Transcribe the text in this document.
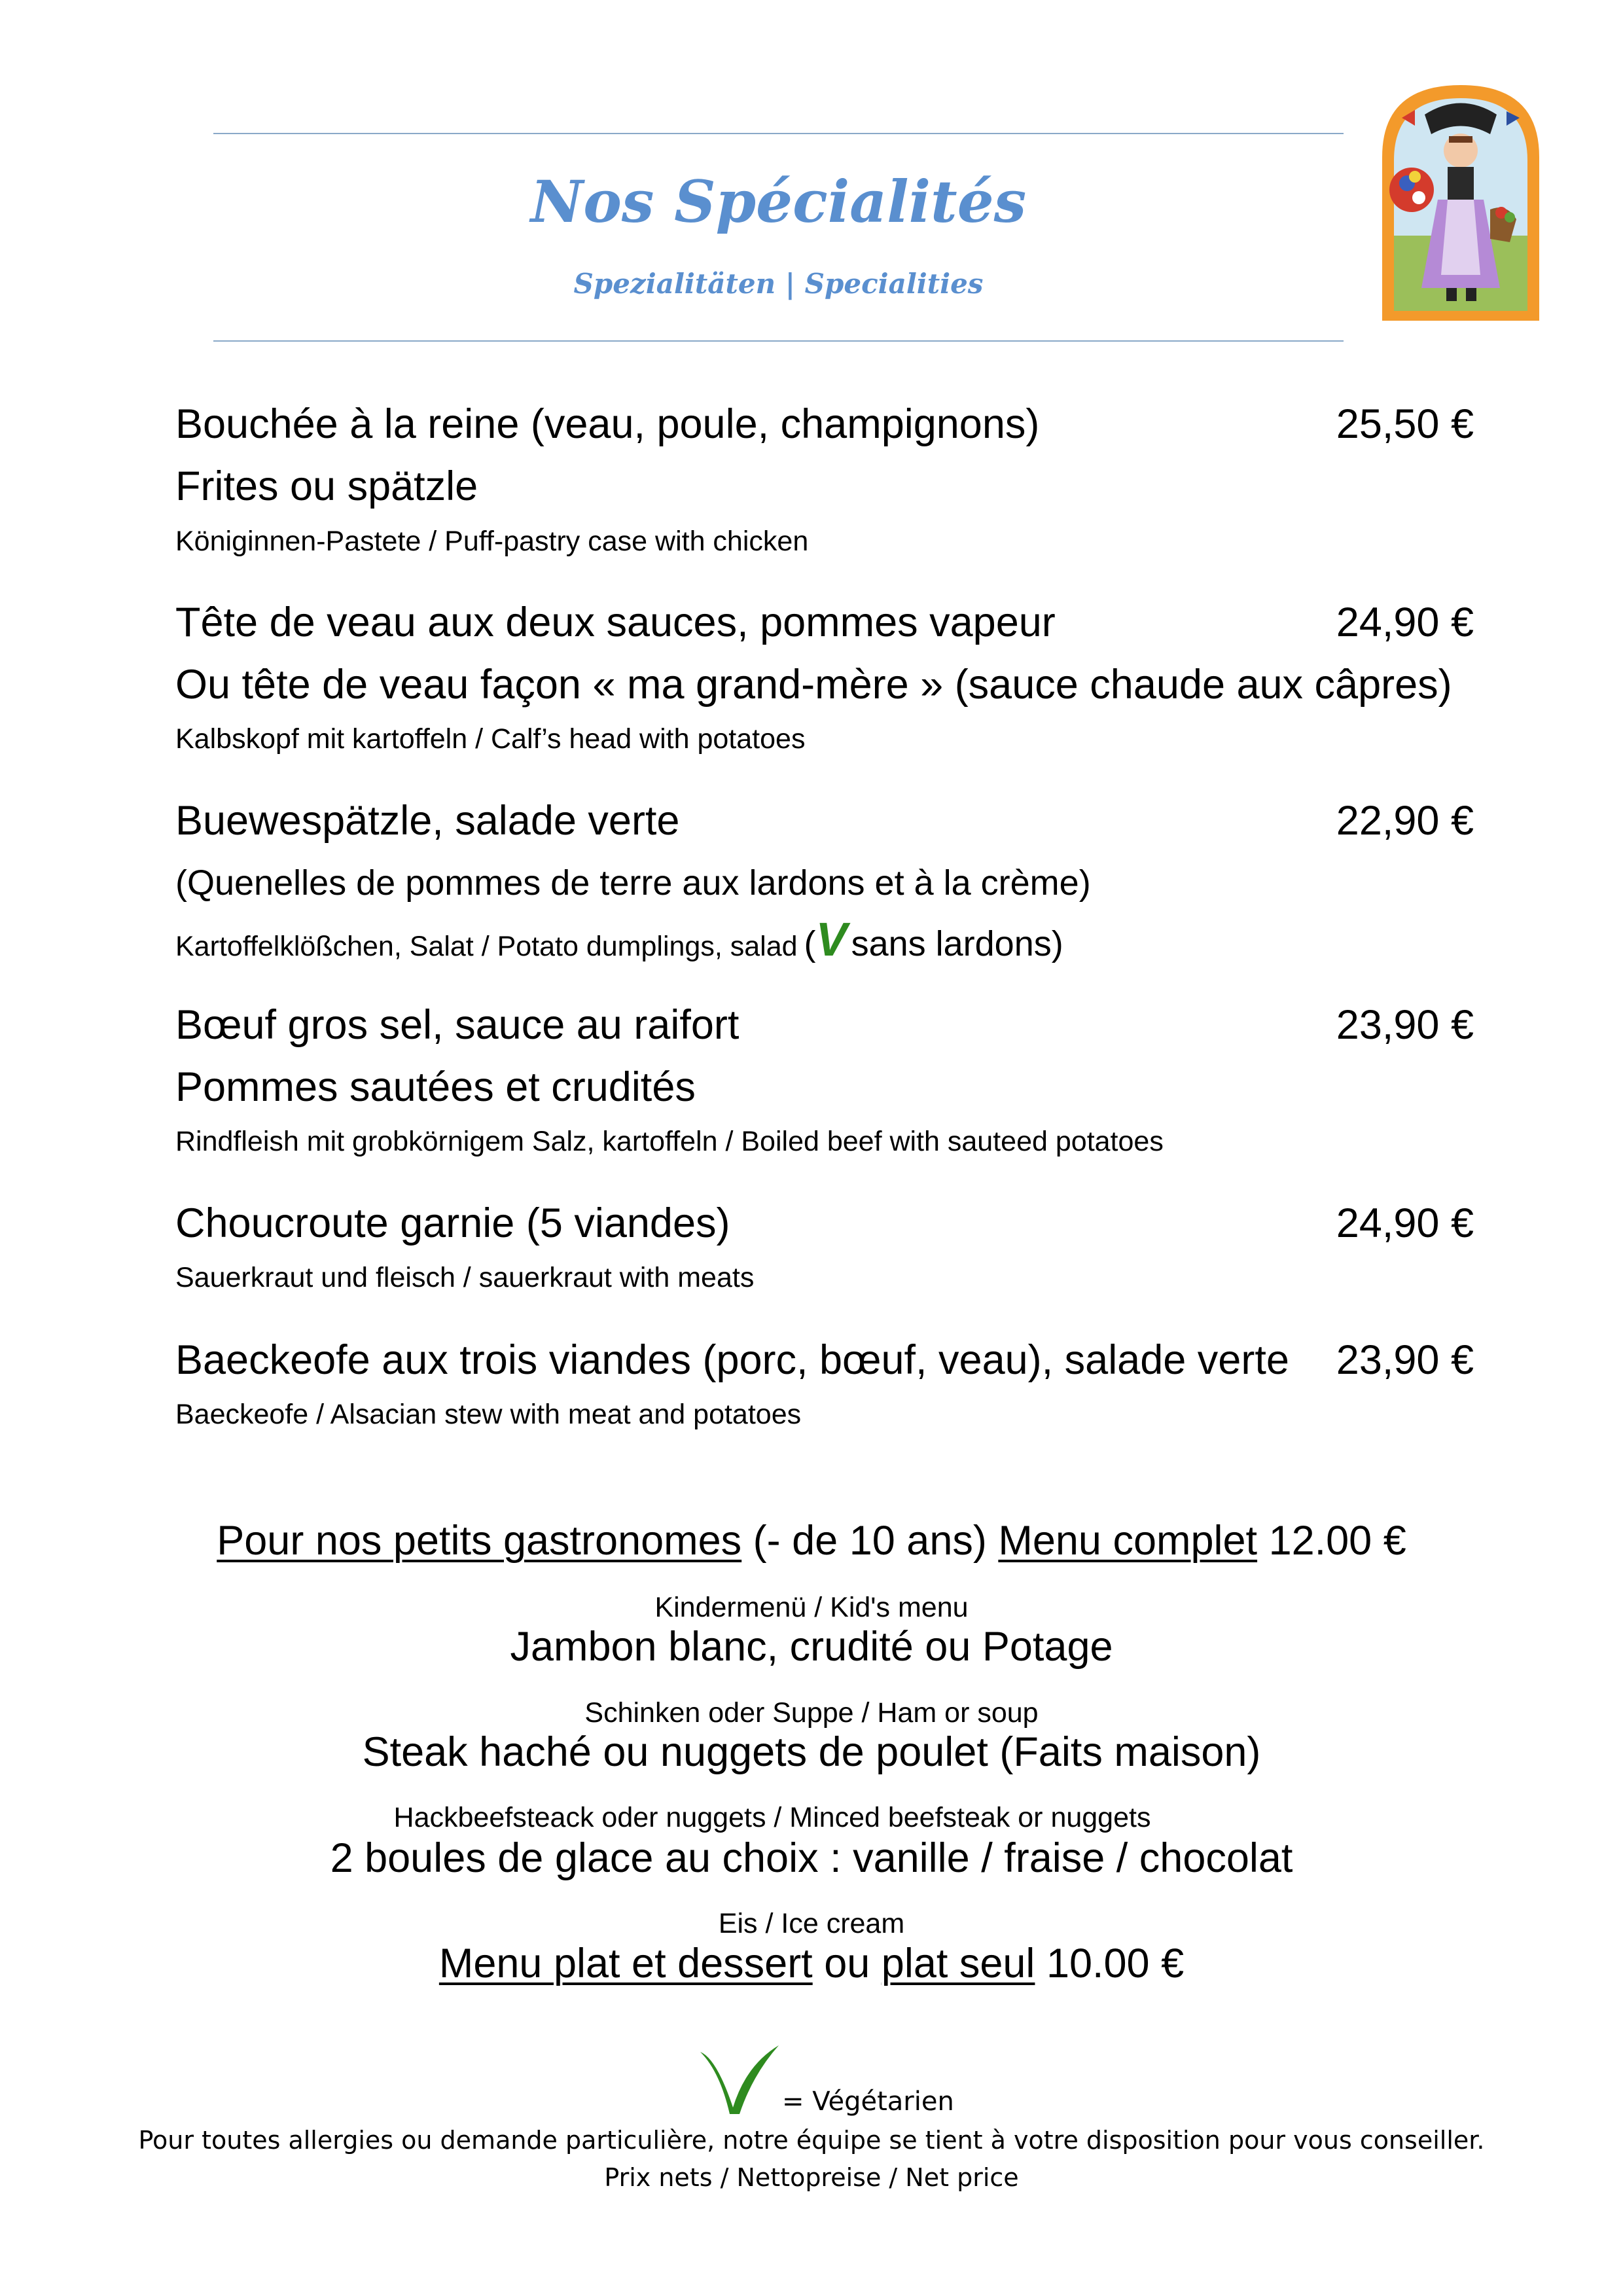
Nos Spécialités
Spezialitäten | Specialities
Bouchée à la reine (veau, poule, champignons)	25,50 €
Frites ou spätzle
Königinnen-Pastete / Puff-pastry case with chicken
Tête de veau aux deux sauces, pommes vapeur	24,90 €
Ou tête de veau façon « ma grand-mère » (sauce chaude aux câpres)
Kalbskopf mit kartoffeln / Calf’s head with potatoes
Buewespätzle, salade verte	22,90 €
(Quenelles de pommes de terre aux lardons et à la crème)
Kartoffelklößchen, Salat / Potato dumplings, salad ( V sans lardons)
Bœuf gros sel, sauce au raifort	23,90 €
Pommes sautées et crudités
Rindfleish mit grobkörnigem Salz, kartoffeln / Boiled beef with sauteed potatoes
Choucroute garnie (5 viandes)	24,90 €
Sauerkraut und fleisch / sauerkraut with meats
Baeckeofe aux trois viandes (porc, bœuf, veau), salade verte 23,90 €
Baeckeofe / Alsacian stew with meat and potatoes
Pour nos petits gastronomes (- de 10 ans) Menu complet 12.00 €
Kindermenü / Kid's menu
Jambon blanc, crudité ou Potage
Schinken oder Suppe / Ham or soup
Steak haché ou nuggets de poulet (Faits maison)
Hackbeefsteack oder nuggets / Minced beefsteak or nuggets
2 boules de glace au choix : vanille / fraise / chocolat
Eis / Ice cream
Menu plat et dessert ou plat seul 10.00 €
= Végétarien
Pour toutes allergies ou demande particulière, notre équipe se tient à votre disposition pour vous conseiller.
Prix nets / Nettopreise / Net price
